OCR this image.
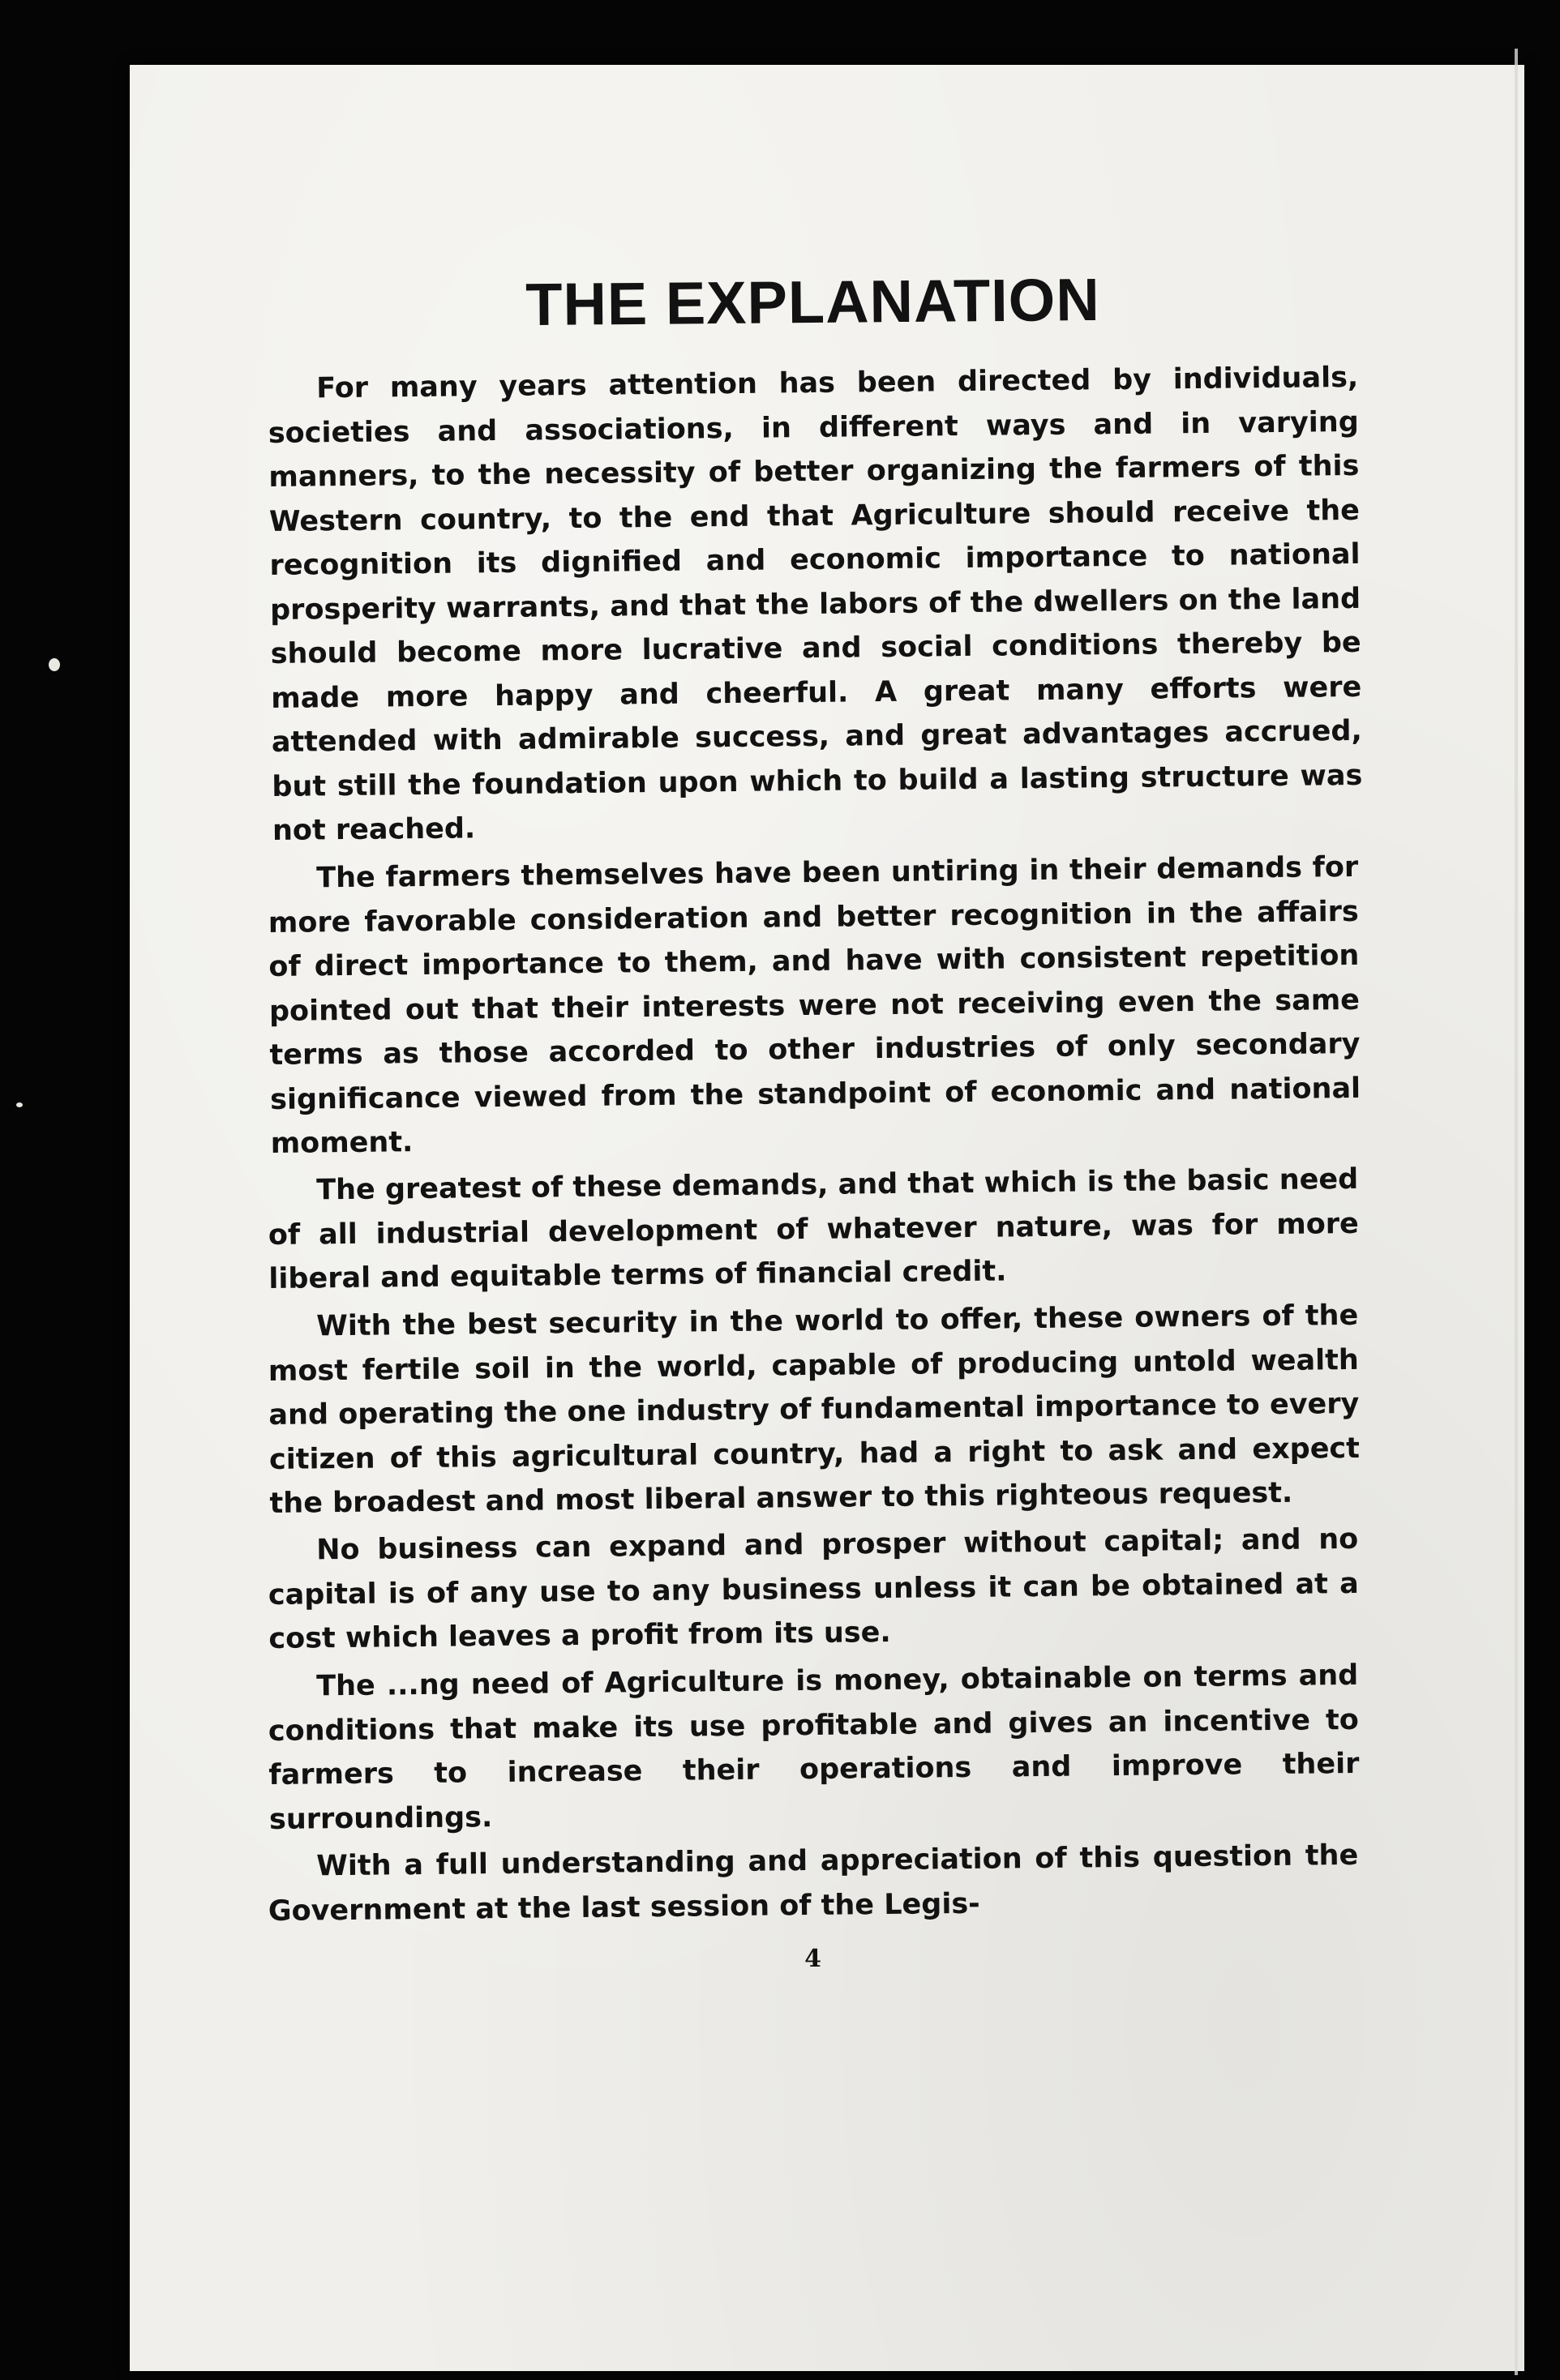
THE EXPLANATION

For many years attention has been directed by individuals, societies and associations, in different ways and in varying manners, to the necessity of better organizing the farmers of this Western country, to the end that Agriculture should receive the recognition its dignified and economic importance to national prosperity warrants, and that the labors of the dwellers on the land should become more lucrative and social conditions thereby be made more happy and cheerful. A great many efforts were attended with admirable success, and great advantages accrued, but still the foundation upon which to build a lasting structure was not reached.

The farmers themselves have been untiring in their demands for more favorable consideration and better recognition in the affairs of direct importance to them, and have with consistent repetition pointed out that their interests were not receiving even the same terms as those accorded to other industries of only secondary significance viewed from the standpoint of economic and national moment.

The greatest of these demands, and that which is the basic need of all industrial development of whatever nature, was for more liberal and equitable terms of financial credit.

With the best security in the world to offer, these owners of the most fertile soil in the world, capable of producing untold wealth and operating the one industry of fundamental importance to every citizen of this agricultural country, had a right to ask and expect the broadest and most liberal answer to this righteous request.

No business can expand and prosper without capital; and no capital is of any use to any business unless it can be obtained at a cost which leaves a profit from its use.

The ...ng need of Agriculture is money, obtainable on terms and conditions that make its use profitable and gives an incentive to farmers to increase their operations and improve their surroundings.

With a full understanding and appreciation of this question the Government at the last session of the Legis-

4
